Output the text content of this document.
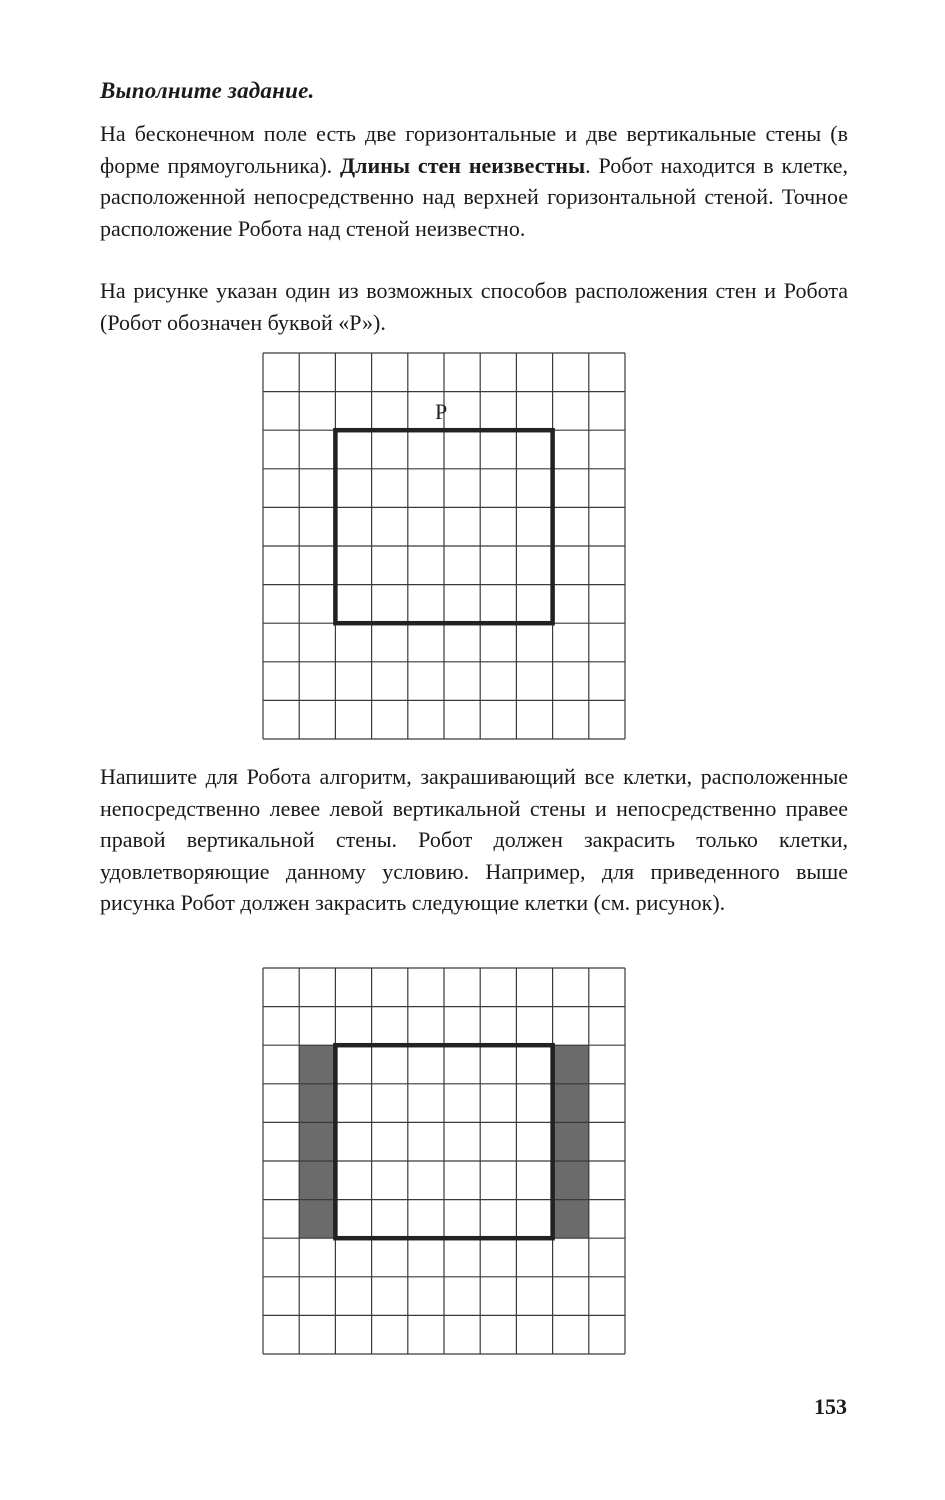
Выполните задание.

На бесконечном поле есть две горизонтальные и две вертикальные стены (в форме прямоугольника). Длины стен неизвестны. Робот находится в клетке, расположенной непосредственно над верхней горизонтальной стеной. Точное расположение Робота над стеной неизвестно.

На рисунке указан один из возможных способов расположения стен и Робота (Робот обозначен буквой «Р»).

Р

Напишите для Робота алгоритм, закрашивающий все клетки, расположенные непосредственно левее левой вертикальной стены и непосредственно правее правой вертикальной стены. Робот должен закрасить только клетки, удовлетворяющие данному условию. Например, для приведенного выше рисунка Робот должен закрасить следующие клетки (см. рисунок).

153
